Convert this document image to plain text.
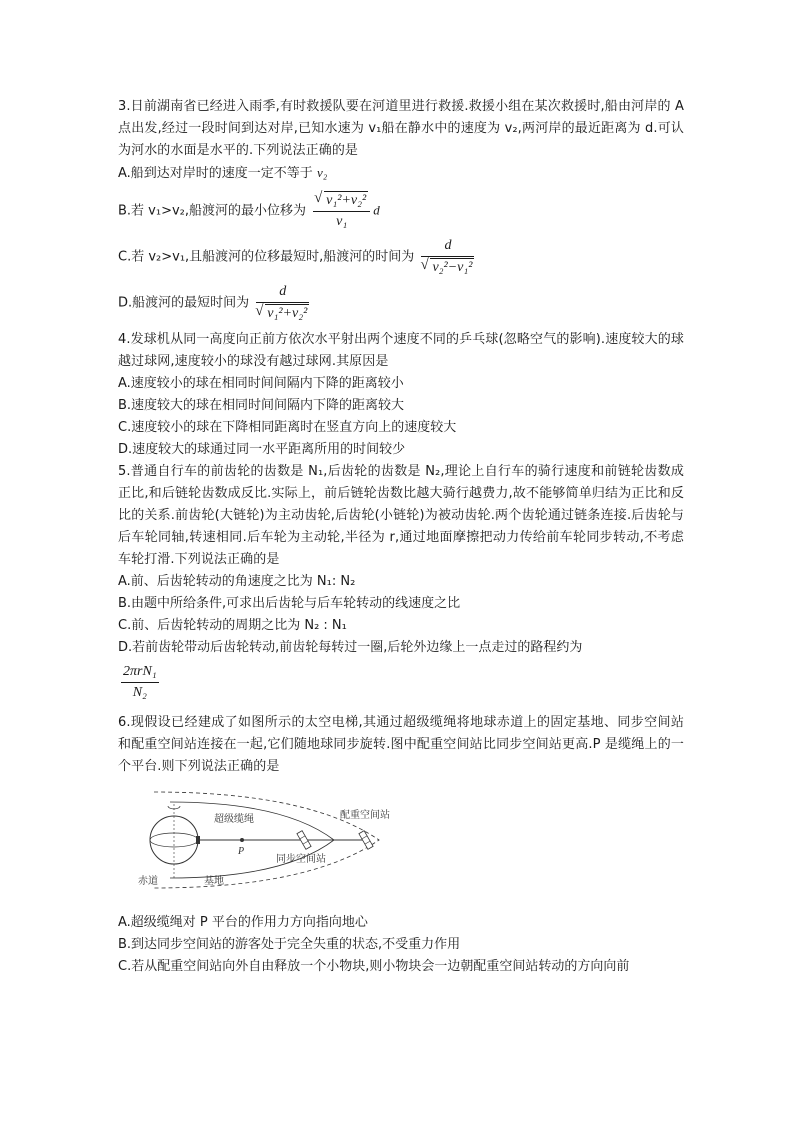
3.日前湖南省已经进入雨季,有时救援队要在河道里进行救援.救援小组在某次救援时,船由河岸的 A 点出发,经过一段时间到达对岸,已知水速为 v₁船在静水中的速度为 v₂,两河岸的最近距离为 d.可认为河水的水面是水平的.下列说法正确的是

A.船到达对岸时的速度一定不等于 v₂

B.若 v₁>v₂,船渡河的最小位移为
√ $\frac{\text{v₁²+v₂²}}{\text{v₁}}$ d

C.若 v₂>v₁,且船渡河的位移最短时,船渡河的时间为 d
√ v₂²−v₁²

D.船渡河的最短时间为 d
√ v₁²+v₂²

4.发球机从同一高度向正前方依次水平射出两个速度不同的乒乓球(忽略空气的影响).速度较大的球越过球网,速度较小的球没有越过球网.其原因是

A.速度较小的球在相同时间间隔内下降的距离较小

B.速度较大的球在相同时间间隔内下降的距离较大

C.速度较小的球在下降相同距离时在竖直方向上的速度较大

D.速度较大的球通过同一水平距离所用的时间较少

5.普通自行车的前齿轮的齿数是 N₁,后齿轮的齿数是 N₂,理论上自行车的骑行速度和前链轮齿数成正比,和后链轮齿数成反比.实际上，前后链轮齿数比越大骑行越费力,故不能够简单归结为正比和反比的关系.前齿轮(大链轮)为主动齿轮,后齿轮(小链轮)为被动齿轮.两个齿轮通过链条连接.后齿轮与后车轮同轴,转速相同.后车轮为主动轮,半径为 r,通过地面摩擦把动力传给前车轮同步转动,不考虑车轮打滑.下列说法正确的是

A.前、后齿轮转动的角速度之比为 N₁: N₂

B.由题中所给条件,可求出后齿轮与后车轮转动的线速度之比

C.前、后齿轮转动的周期之比为 N₂ : N₁

D.若前齿轮带动后齿轮转动,前齿轮每转过一圈,后轮外边缘上一点走过的路程约为

$\frac{\text{2πrN₁}}{\text{N₂}}$

6.现假设已经建成了如图所示的太空电梯,其通过超级缆绳将地球赤道上的固定基地、同步空间站和配重空间站连接在一起,它们随地球同步旋转.图中配重空间站比同步空间站更高.P 是缆绳上的一个平台.则下列说法正确的是

超级缆绳	配重空间站
P
同步空间站
赤道	基地

A.超级缆绳对 P 平台的作用力方向指向地心

B.到达同步空间站的游客处于完全失重的状态,不受重力作用

C.若从配重空间站向外自由释放一个小物块,则小物块会一边朝配重空间站转动的方向向前
